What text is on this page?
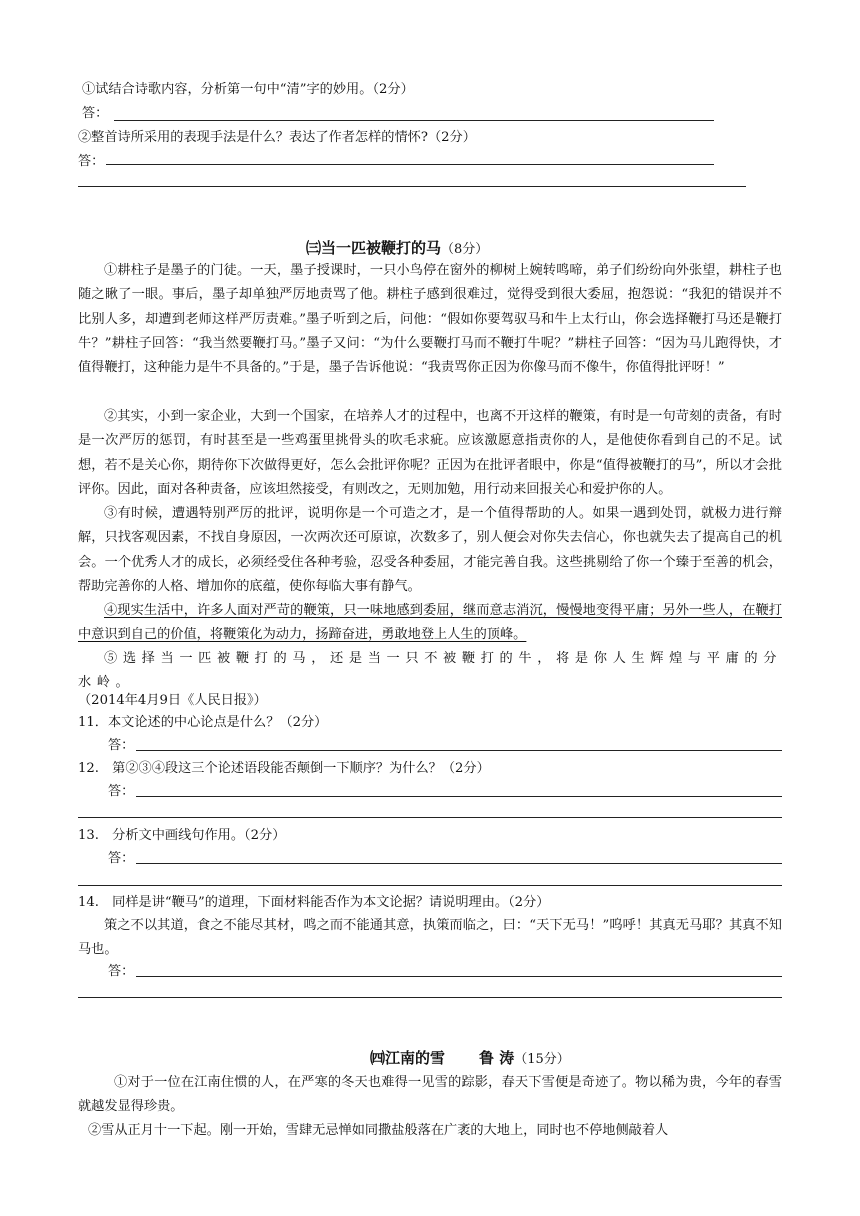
①试结合诗歌内容，分析第一句中“清”字的妙用。（2分）
答：
②整首诗所采用的表现手法是什么？表达了作者怎样的情怀?（2分）
答：
㈢当一匹被鞭打的马（8分）
①耕柱子是墨子的门徒。一天，墨子授课时，一只小鸟停在窗外的柳树上婉转鸣啼，弟子们纷纷向外张望，耕柱子也随之瞅了一眼。事后，墨子却单独严厉地责骂了他。耕柱子感到很难过，觉得受到很大委屈，抱怨说：“我犯的错误并不比别人多，却遭到老师这样严厉责难。”墨子听到之后，问他：“假如你要驾驭马和牛上太行山，你会选择鞭打马还是鞭打牛？”耕柱子回答：“我当然要鞭打马。”墨子又问：“为什么要鞭打马而不鞭打牛呢？”耕柱子回答：“因为马儿跑得快，才值得鞭打，这种能力是牛不具备的。”于是，墨子告诉他说：“我责骂你正因为你像马而不像牛，你值得批评呀！”
②其实，小到一家企业，大到一个国家，在培养人才的过程中，也离不开这样的鞭策，有时是一句苛刻的责备，有时是一次严厉的惩罚，有时甚至是一些鸡蛋里挑骨头的吹毛求疵。应该激愿意指责你的人，是他使你看到自己的不足。试想，若不是关心你，期待你下次做得更好，怎么会批评你呢？正因为在批评者眼中，你是“值得被鞭打的马”，所以才会批评你。因此，面对各种责备，应该坦然接受，有则改之，无则加勉，用行动来回报关心和爱护你的人。
③有时候，遭遇特别严厉的批评，说明你是一个可造之才，是一个值得帮助的人。如果一遇到处罚，就极力进行辩解，只找客观因素，不找自身原因，一次两次还可原谅，次数多了，别人便会对你失去信心，你也就失去了提高自己的机会。一个优秀人才的成长，必须经受住各种考验，忍受各种委屈，才能完善自我。这些挑剔给了你一个臻于至善的机会，帮助完善你的人格、增加你的底蕴，使你每临大事有静气。
④现实生活中，许多人面对严苛的鞭策，只一味地感到委屈，继而意志消沉，慢慢地变得平庸；另外一些人，在鞭打中意识到自己的价值，将鞭策化为动力，扬蹄奋进，勇敢地登上人生的顶峰。
⑤选择当一匹被鞭打的马，还是当一只不被鞭打的牛，将是你人生辉煌与平庸的分水岭。
（2014年4月9日《人民日报》）
11．本文论述的中心论点是什么？（2分）
答：
12.　第②③④段这三个论述语段能否颠倒一下顺序？为什么？（2分）
答：
13.　分析文中画线句作用。（2分）
答：
14.　同样是讲“鞭马”的道理，下面材料能否作为本文论据？请说明理由。（2分）
策之不以其道，食之不能尽其材，鸣之而不能通其意，执策而临之，曰：“天下无马！”呜呼！其真无马耶？其真不知马也。
答：
㈣江南的雪 鲁 涛（15分）
①对于一位在江南住惯的人，在严寒的冬天也难得一见雪的踪影，春天下雪便是奇迹了。物以稀为贵，今年的春雪就越发显得珍贵。
②雪从正月十一下起。刚一开始，雪肆无忌惮如同撒盐般落在广袤的大地上，同时也不停地侧敲着人
